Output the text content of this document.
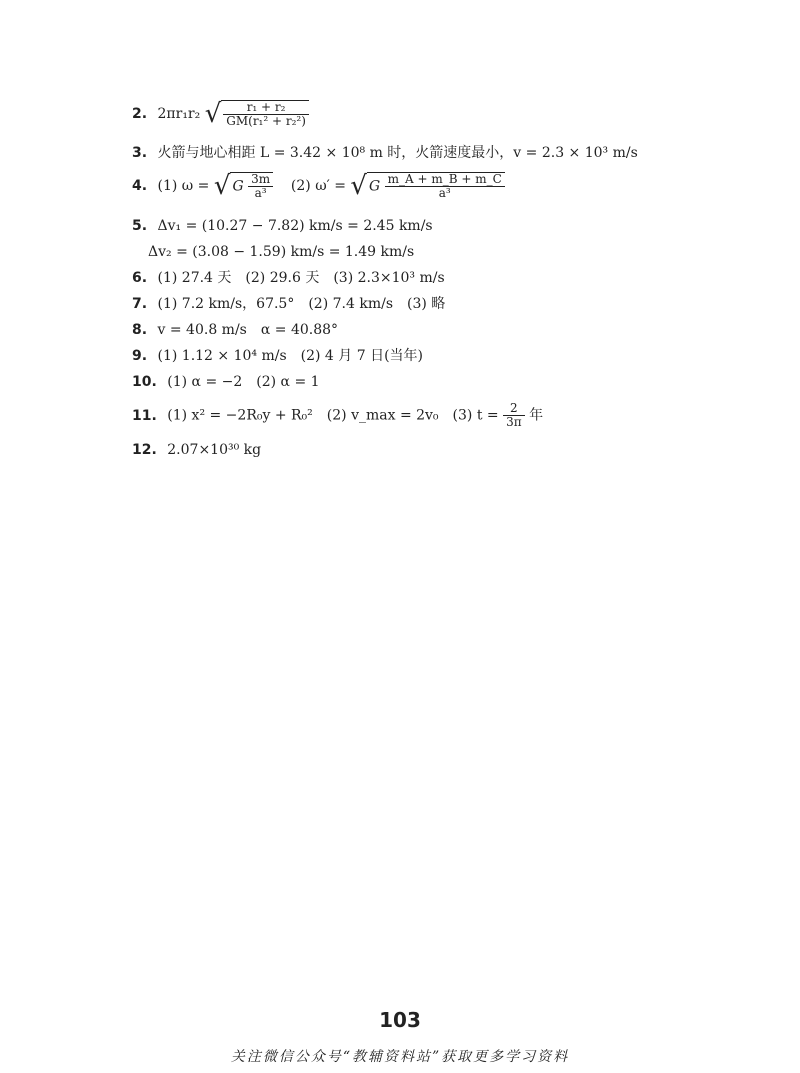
2. 2πr₁r₂ √ $\frac{\text{r₁ + r₂}}{\text{GM(r₁² + r₂²)}}$
3. 火箭与地心相距 L = 3.42 × 10⁸ m 时，火箭速度最小，v = 2.3 × 10³ m/s
4. (1) ω = √ G $\frac{3m}{\text{a³}} (2) \omega'$ = √ G $\frac{m\_A + m\_B + m\_C}{\text{a³}}$
5. Δv₁ = (10.27 − 7.82) km/s = 2.45 km/s
Δv₂ = (3.08 − 1.59) km/s = 1.49 km/s
6. (1) 27.4 天　(2) 29.6 天　(3) 2.3×10³ m/s
7. (1) 7.2 km/s，67.5°　(2) 7.4 km/s　(3) 略
8. v = 40.8 m/s　α = 40.88°
9. (1) 1.12 × 10⁴ m/s　(2) 4 月 7 日(当年)
10. (1) α = −2　(2) α = 1
11. (1) x² = −2R₀y + R₀²　(2) v_max = 2v₀　(3) $t = \frac{2}{3\pi}$ 年
12. 2.07×10³⁰ kg
103
关注微信公众号“教辅资料站”获取更多学习资料
